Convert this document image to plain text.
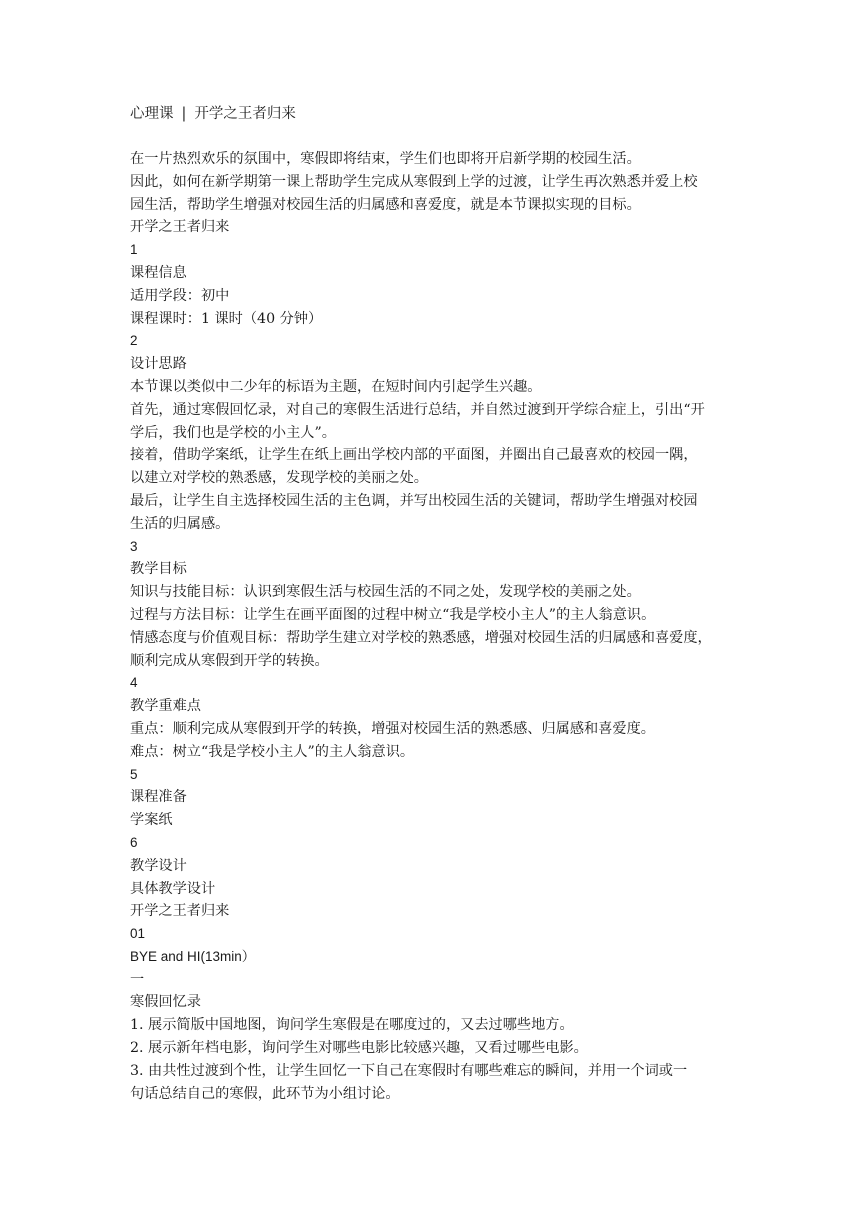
心理课 | 开学之王者归来
在一片热烈欢乐的氛围中，寒假即将结束，学生们也即将开启新学期的校园生活。
因此，如何在新学期第一课上帮助学生完成从寒假到上学的过渡，让学生再次熟悉并爱上校
园生活，帮助学生增强对校园生活的归属感和喜爱度，就是本节课拟实现的目标。
开学之王者归来
1
课程信息
适用学段：初中
课程课时：1 课时（40 分钟）
2
设计思路
本节课以类似中二少年的标语为主题，在短时间内引起学生兴趣。
首先，通过寒假回忆录，对自己的寒假生活进行总结，并自然过渡到开学综合症上，引出“开
学后，我们也是学校的小主人”。
接着，借助学案纸，让学生在纸上画出学校内部的平面图，并圈出自己最喜欢的校园一隅，
以建立对学校的熟悉感，发现学校的美丽之处。
最后，让学生自主选择校园生活的主色调，并写出校园生活的关键词，帮助学生增强对校园
生活的归属感。
3
教学目标
知识与技能目标：认识到寒假生活与校园生活的不同之处，发现学校的美丽之处。
过程与方法目标：让学生在画平面图的过程中树立“我是学校小主人”的主人翁意识。
情感态度与价值观目标：帮助学生建立对学校的熟悉感，增强对校园生活的归属感和喜爱度，
顺利完成从寒假到开学的转换。
4
教学重难点
重点：顺利完成从寒假到开学的转换，增强对校园生活的熟悉感、归属感和喜爱度。
难点：树立“我是学校小主人”的主人翁意识。
5
课程准备
学案纸
6
教学设计
具体教学设计
开学之王者归来
01
BYE and HI(13min）
一
寒假回忆录
1. 展示简版中国地图，询问学生寒假是在哪度过的，又去过哪些地方。
2. 展示新年档电影，询问学生对哪些电影比较感兴趣，又看过哪些电影。
3. 由共性过渡到个性，让学生回忆一下自己在寒假时有哪些难忘的瞬间，并用一个词或一
句话总结自己的寒假，此环节为小组讨论。
